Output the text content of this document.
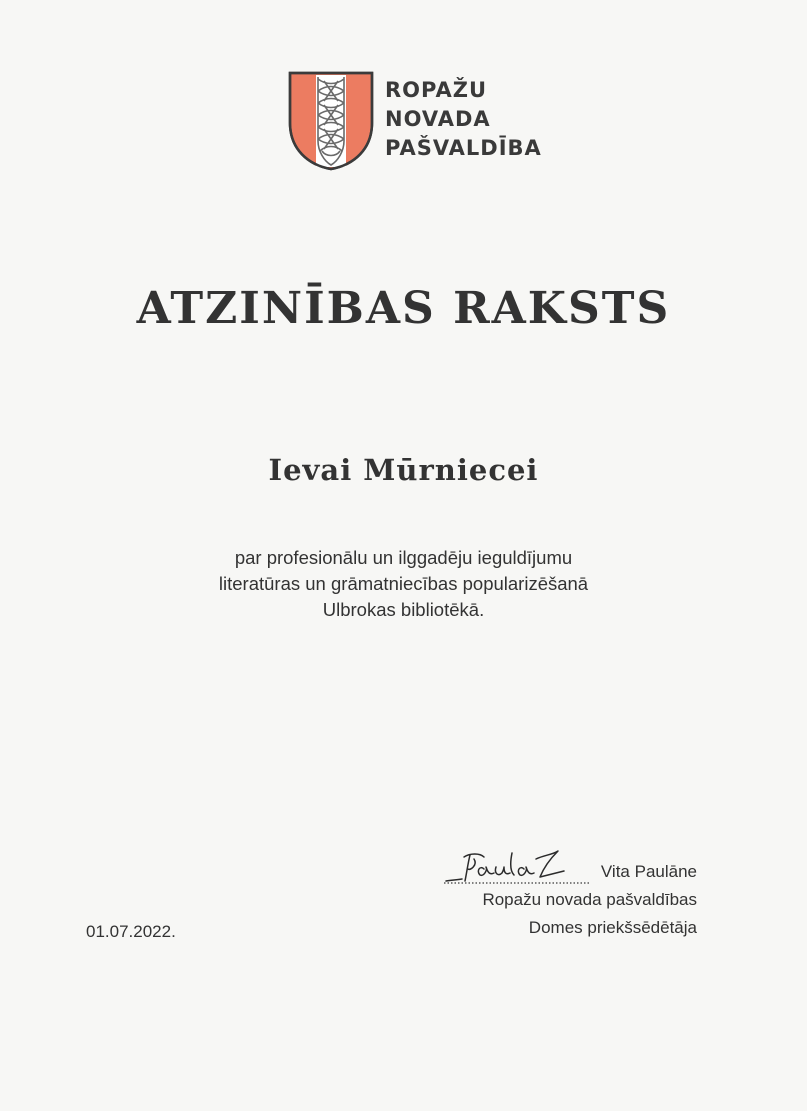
ROPAŽU
NOVADA
PAŠVALDĪBA
ATZINĪBAS RAKSTS
Ievai Mūrniecei
par profesionālu un ilggadēju ieguldījumu
literatūras un grāmatniecības popularizēšanā
Ulbrokas bibliotēkā.
Vita Paulāne
Ropažu novada pašvaldības
Domes priekšsēdētāja
01.07.2022.
